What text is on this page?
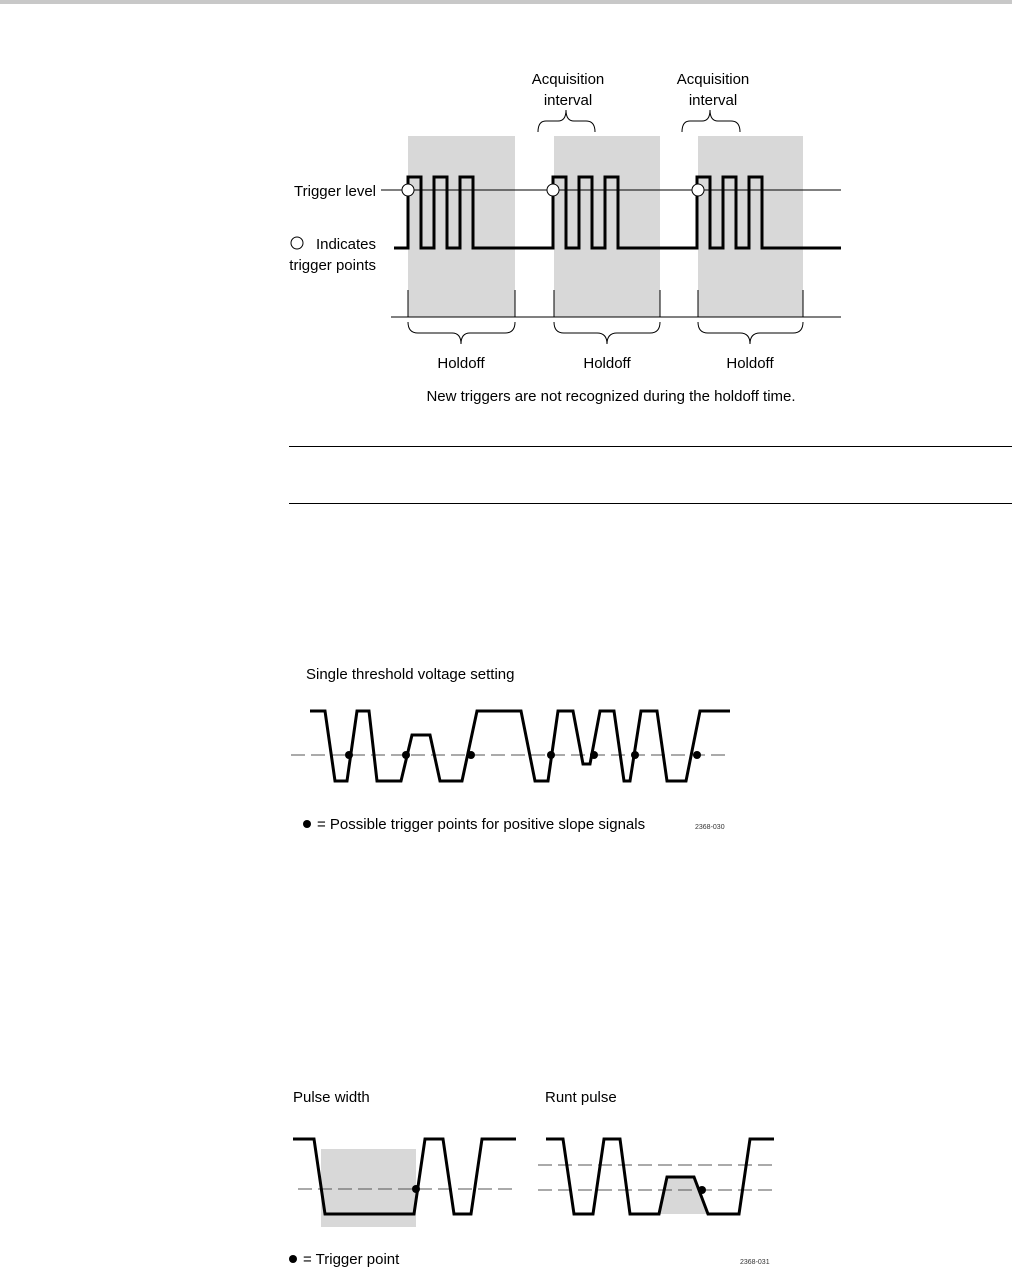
Acquisition
interval
Acquisition
interval
Trigger level
Indicates
trigger points
Holdoff	Holdoff	Holdoff
New triggers are not recognized during the holdoff time.
Single threshold voltage setting
= Possible trigger points for positive slope signals	2368-030
Pulse width	Runt pulse
= Trigger point	2368-031
